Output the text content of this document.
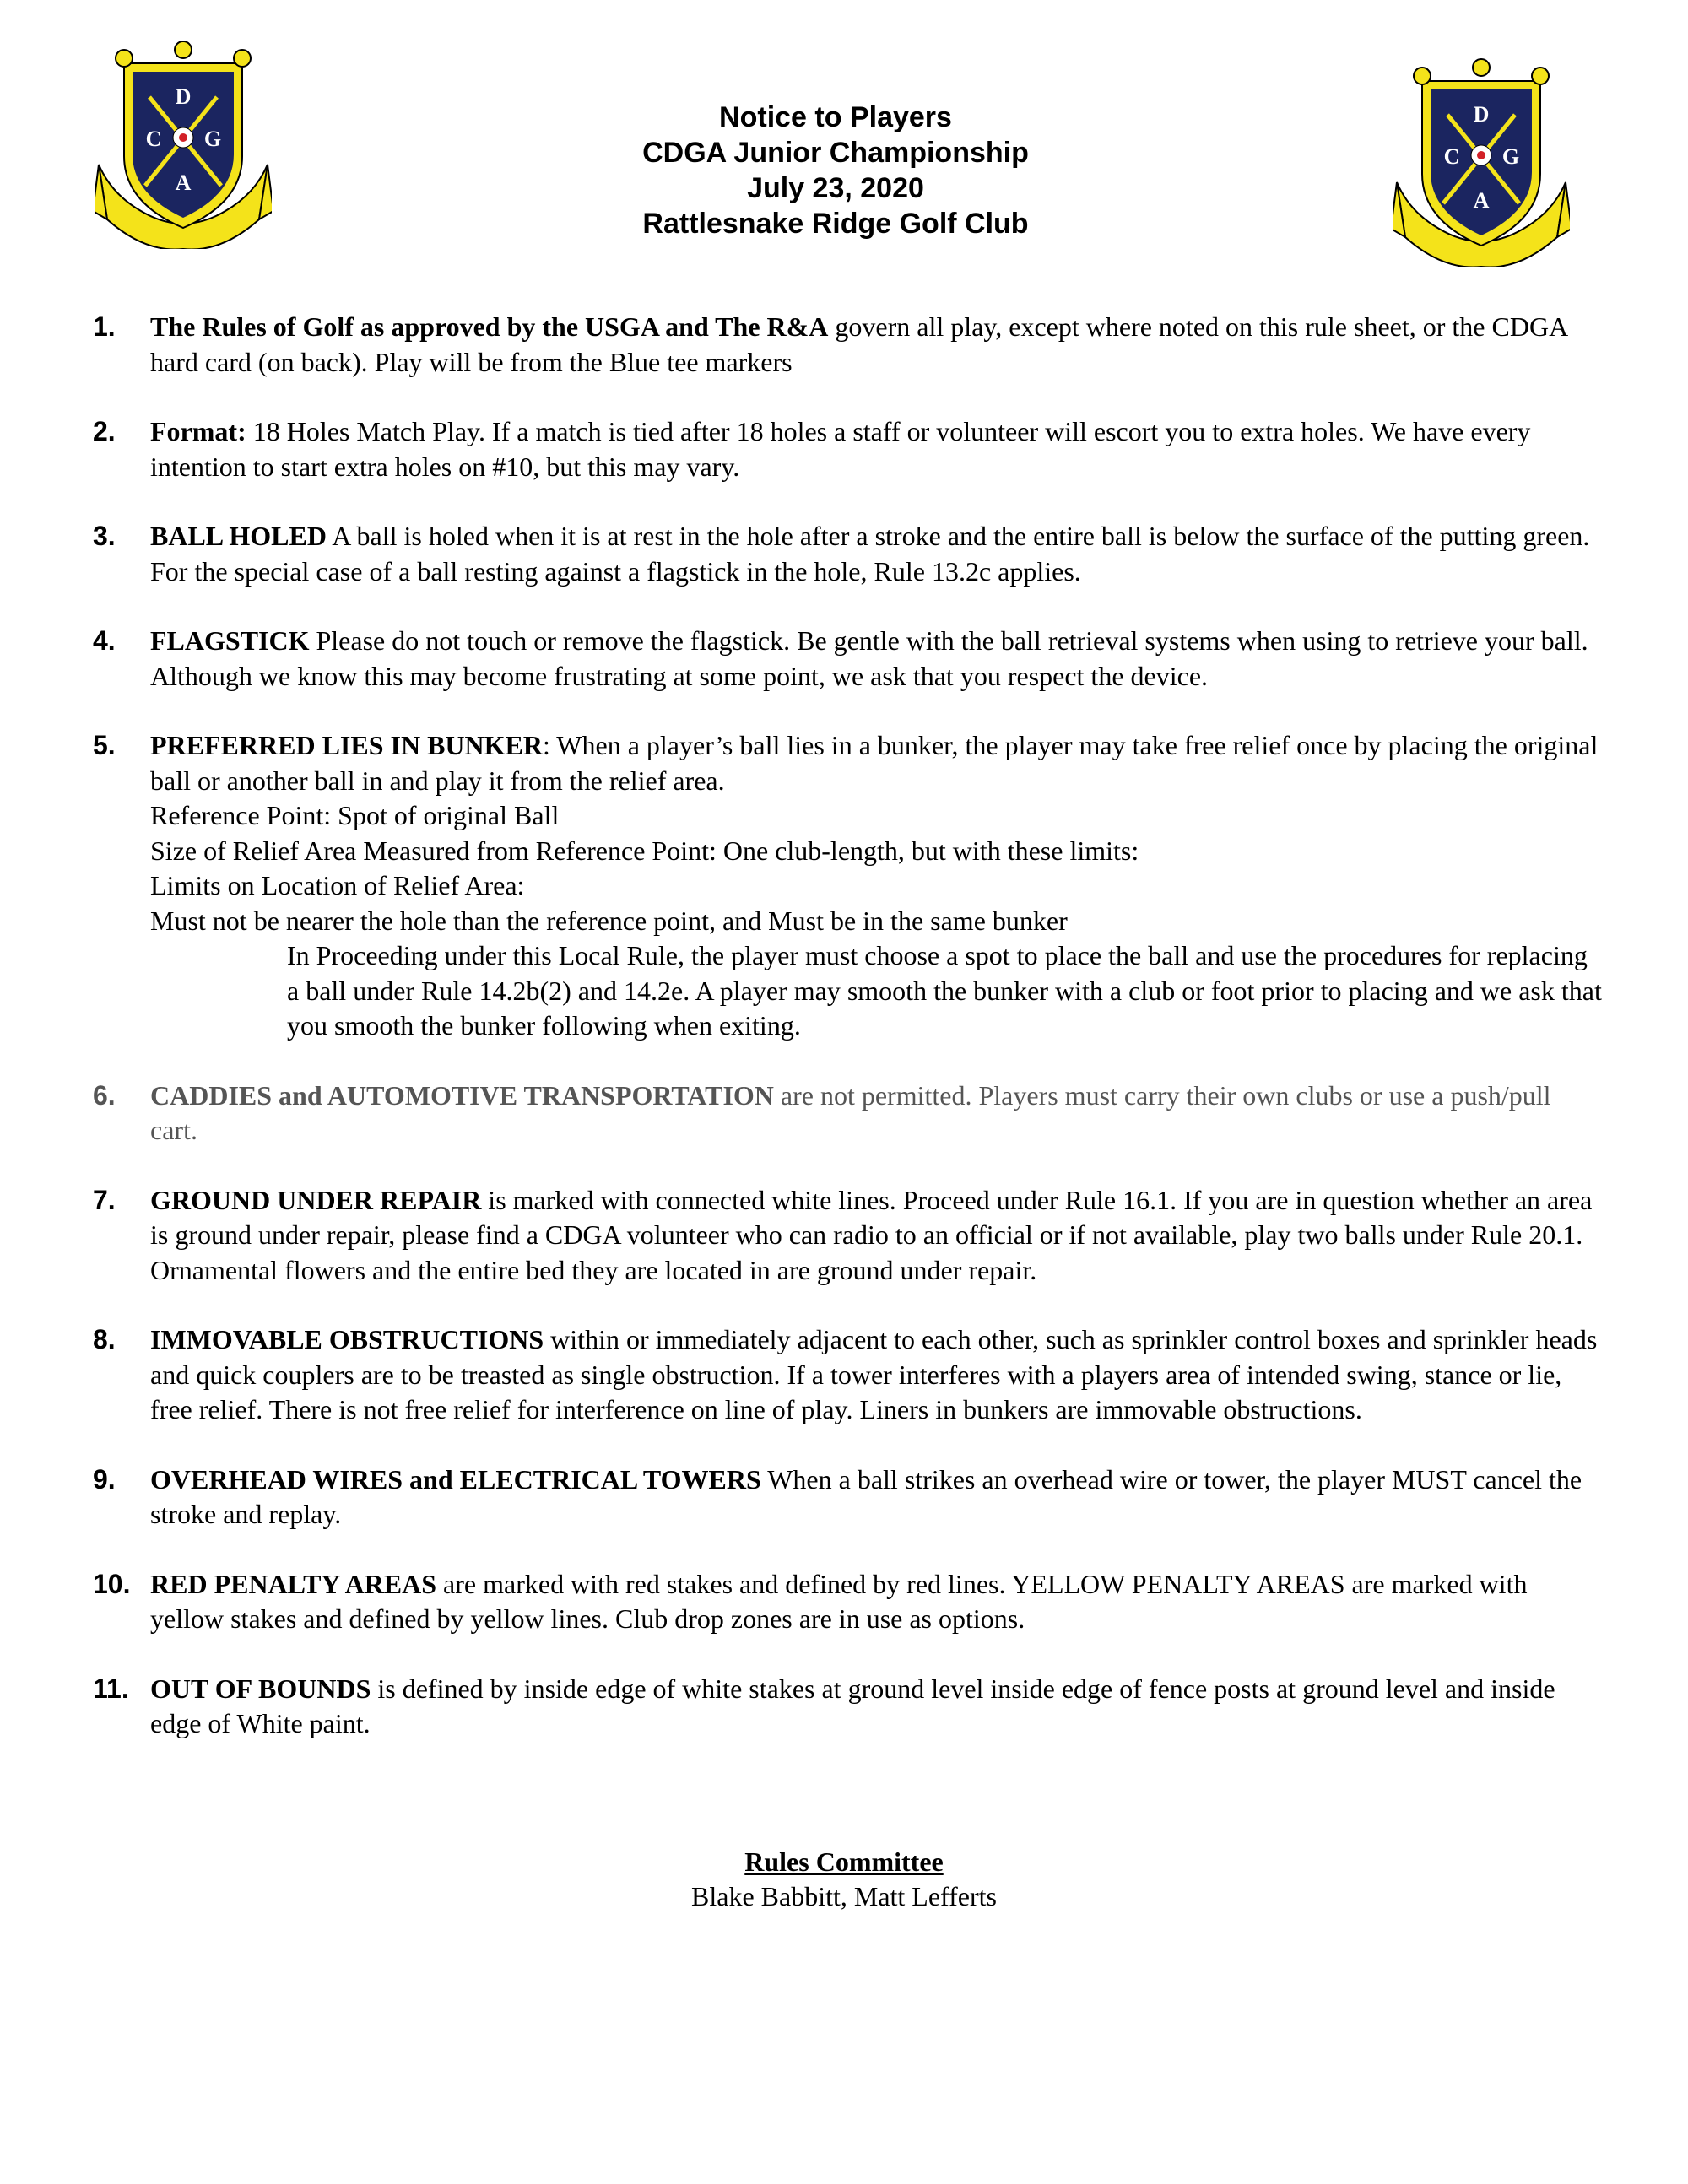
D
C G
A
D
C G
A
Notice to Players
CDGA Junior Championship
July 23, 2020
Rattlesnake Ridge Golf Club
1. The Rules of Golf as approved by the USGA and The R&A govern all play, except where noted on this rule sheet, or the CDGA hard card (on back). Play will be from the Blue tee markers
2. Format: 18 Holes Match Play. If a match is tied after 18 holes a staff or volunteer will escort you to extra holes. We have every intention to start extra holes on #10, but this may vary.
3. BALL HOLED A ball is holed when it is at rest in the hole after a stroke and the entire ball is below the surface of the putting green. For the special case of a ball resting against a flagstick in the hole, Rule 13.2c applies.
4. FLAGSTICK Please do not touch or remove the flagstick. Be gentle with the ball retrieval systems when using to retrieve your ball. Although we know this may become frustrating at some point, we ask that you respect the device.
5. PREFERRED LIES IN BUNKER: When a player’s ball lies in a bunker, the player may take free relief once by placing the original ball or another ball in and play it from the relief area.
Reference Point: Spot of original Ball
Size of Relief Area Measured from Reference Point: One club-length, but with these limits:
Limits on Location of Relief Area:
Must not be nearer the hole than the reference point, and Must be in the same bunker
In Proceeding under this Local Rule, the player must choose a spot to place the ball and use the procedures for replacing a ball under Rule 14.2b(2) and 14.2e. A player may smooth the bunker with a club or foot prior to placing and we ask that you smooth the bunker following when exiting.
6. CADDIES and AUTOMOTIVE TRANSPORTATION are not permitted. Players must carry their own clubs or use a push/pull cart.
7. GROUND UNDER REPAIR is marked with connected white lines. Proceed under Rule 16.1. If you are in question whether an area is ground under repair, please find a CDGA volunteer who can radio to an official or if not available, play two balls under Rule 20.1. Ornamental flowers and the entire bed they are located in are ground under repair.
8. IMMOVABLE OBSTRUCTIONS within or immediately adjacent to each other, such as sprinkler control boxes and sprinkler heads and quick couplers are to be treasted as single obstruction. If a tower interferes with a players area of intended swing, stance or lie, free relief. There is not free relief for interference on line of play. Liners in bunkers are immovable obstructions.
9. OVERHEAD WIRES and ELECTRICAL TOWERS When a ball strikes an overhead wire or tower, the player MUST cancel the stroke and replay.
10. RED PENALTY AREAS are marked with red stakes and defined by red lines. YELLOW PENALTY AREAS are marked with yellow stakes and defined by yellow lines. Club drop zones are in use as options.
11. OUT OF BOUNDS is defined by inside edge of white stakes at ground level inside edge of fence posts at ground level and inside edge of White paint.
Rules Committee
Blake Babbitt, Matt Lefferts
